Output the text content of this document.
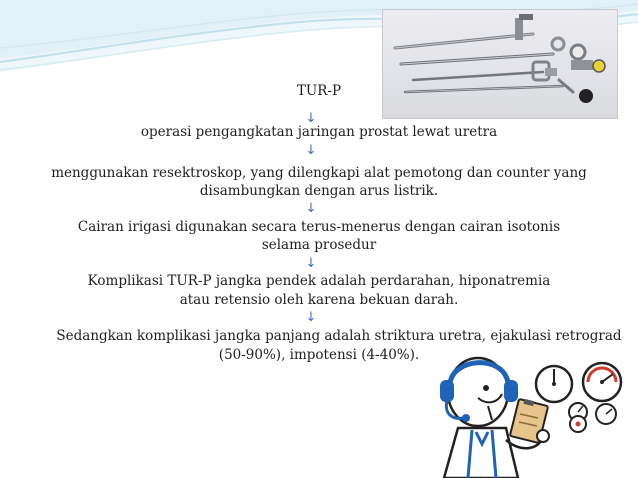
TUR-P
↓
operasi pengangkatan jaringan prostat lewat uretra
↓
menggunakan resektroskop, yang dilengkapi alat pemotong dan counter yang
disambungkan dengan arus listrik.
↓
Cairan irigasi digunakan secara terus-menerus dengan cairan isotonis
selama prosedur
↓
Komplikasi TUR-P jangka pendek adalah perdarahan, hiponatremia
atau retensio oleh karena bekuan darah.
↓
Sedangkan komplikasi jangka panjang adalah striktura uretra, ejakulasi retrograd
(50-90%), impotensi (4-40%).
